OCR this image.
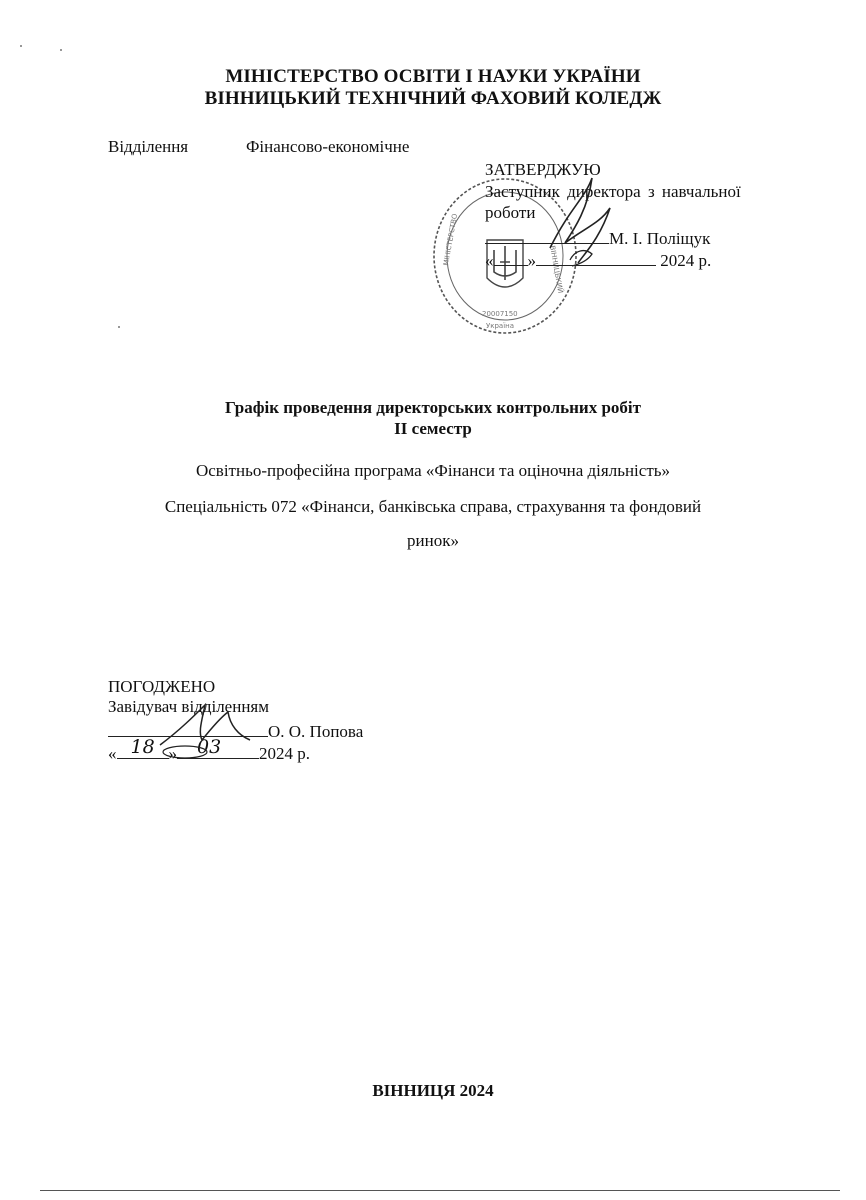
МІНІСТЕРСТВО ОСВІТИ І НАУКИ УКРАЇНИ
ВІННИЦЬКИЙ ТЕХНІЧНИЙ ФАХОВИЙ КОЛЕДЖ
Відділення	Фінансово-економічне
МІНІСТЕРСТВО
ВІННИЦЬКИЙ
20007150
Україна
ЗАТВЕРДЖУЮ
Заступник директора з навчальної
роботи
М. І. Поліщук
« »	2024 р.
Графік проведення директорських контрольних робіт
ІІ семестр
Освітньо-професійна програма «Фінанси та оціночна діяльність»
Спеціальність 072 «Фінанси, банківська справа, страхування та фондовий
ринок»
ПОГОДЖЕНО
Завідувач відділенням
О. О. Попова
« 18 » 03 2024 р.
ВІННИЦЯ 2024
